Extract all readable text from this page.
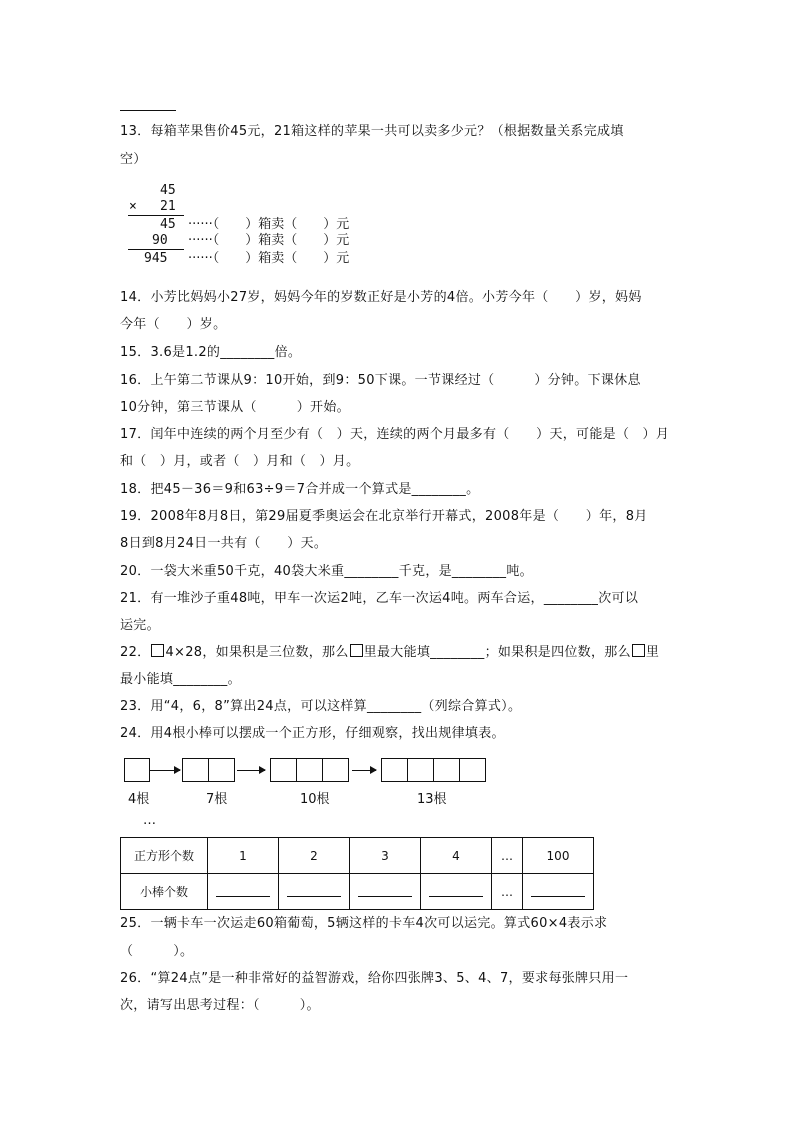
13．每箱苹果售价45元，21箱这样的苹果一共可以卖多少元？（根据数量关系完成填
空）
45
× 21
45 ······（　　）箱卖（　　）元
90 ······（　　）箱卖（　　）元
945 ······（　　）箱卖（　　）元
14．小芳比妈妈小27岁，妈妈今年的岁数正好是小芳的4倍。小芳今年（　　）岁，妈妈
今年（　　）岁。
15．3.6是1.2的________倍。
16．上午第二节课从9：10开始，到9：50下课。一节课经过（　　　）分钟。下课休息
10分钟，第三节课从（　　　）开始。
17．闰年中连续的两个月至少有（　）天，连续的两个月最多有（　　）天，可能是（　）月
和（　）月，或者（　）月和（　）月。
18．把45－36＝9和63÷9＝7合并成一个算式是________。
19．2008年8月8日，第29届夏季奥运会在北京举行开幕式，2008年是（　　）年，8月
8日到8月24日一共有（　　）天。
20．一袋大米重50千克，40袋大米重________千克，是________吨。
21．有一堆沙子重48吨，甲车一次运2吨，乙车一次运4吨。两车合运，________次可以
运完。
22． 4×28，如果积是三位数，那么 里最大能填________；如果积是四位数，那么 里
最小能填________。
23．用“4，6，8”算出24点，可以这样算________（列综合算式）。
24．用4根小棒可以摆成一个正方形，仔细观察，找出规律填表。
4根	7根	10根	13根
…
正方形个数	1	2	3	4	…	100
小棒个数					…	
25．一辆卡车一次运走60箱葡萄，5辆这样的卡车4次可以运完。算式60×4表示求
（　　　）。
26．“算24点”是一种非常好的益智游戏，给你四张牌3、5、4、7，要求每张牌只用一
次，请写出思考过程：（　　　）。
